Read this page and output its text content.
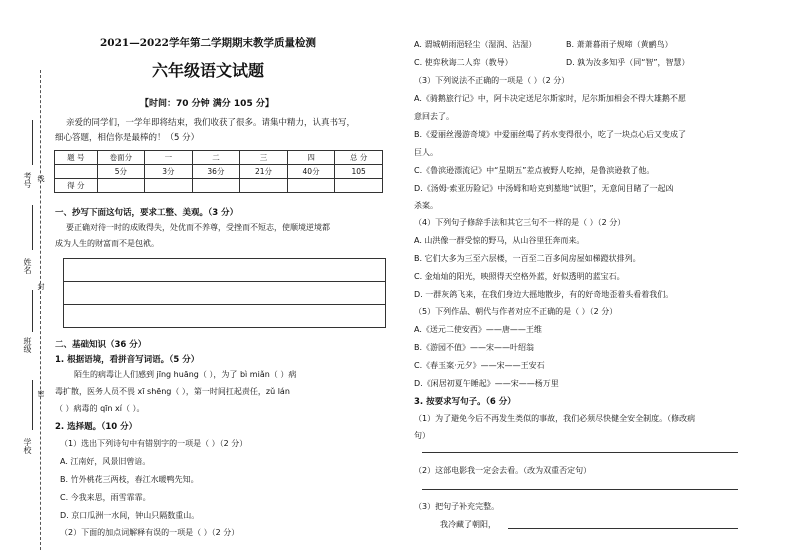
考号 线
姓名
封
班级
密
学校
2021—2022学年第二学期期末教学质量检测
六年级语文试题
【时间：70 分钟 满分 105 分】
亲爱的同学们，一学年即将结束，我们收获了很多。请集中精力，认真书写，
细心答题，相信你是最棒的！（5 分）
题 号	卷面分	一	二	三	四	总 分
	5分	3分	36分	21分	40分	105
得 分						
一、抄写下面这句话，要求工整、美观。（3 分）
要正确对待一时的成败得失，处优而不养尊，受挫而不短志，使顺境逆境都
成为人生的财富而不是包袱。
二、基础知识（36 分）
1. 根据语境，看拼音写词语。（5 分）
陌生的病毒让人们感到 jīng huāng（ ），为了 bì miǎn（ ）病
毒扩散，医务人员不畏 xī shēng（ ），第一时间扛起责任，zǔ lán
（ ）病毒的 qīn xí（ ）。
2. 选择题。（10 分）
（1）选出下列诗句中有错别字的一项是（ ）（2 分）
A. 江南好，风景旧曾谙。
B. 竹外桃花三两枝，春江水暖鸭先知。
C. 今我来思，雨雪霏霏。
D. 京口瓜洲一水间，钟山只隔数重山。
（2）下面的加点词解释有误的一项是（ ）（2 分）
A. 谓城朝雨浥轻尘（湿润、沾湿）	B. 萧萧暮雨子规啼（黄鹂鸟）
C. 使弈秋诲二人弈（教导）	D. 孰为汝多知乎（同“智”，智慧）
（3）下列说法不正确的一项是（ ）（2 分）
A.《骑鹅旅行记》中，阿卡决定送尼尔斯家时，尼尔斯加相会不得大雄鹅不愿
意回去了。
B.《爱丽丝漫游奇境》中爱丽丝喝了药水变得很小，吃了一块点心后又变成了
巨人。
C.《鲁滨逊漂流记》中“星期五”差点被野人吃掉，是鲁滨逊救了他。
D.《汤姆·索亚历险记》中汤姆和哈克到墓地“试胆”，无意间目睹了一起凶
杀案。
（4）下列句子修辞手法和其它三句不一样的是（ ）（2 分）
A. 山洪像一群受惊的野马，从山谷里狂奔而来。
B. 它们大多为三至六层楼，一百至二百多间房屋如梯蹬状排列。
C. 金灿灿的阳光，映照得天空格外蓝，好似透明的蓝宝石。
D. 一群灰鸽飞来，在我们身边大摇地散步，有的好奇地歪着头看着我们。
（5）下列作品、朝代与作者对应不正确的是（ ）（2 分）
A.《送元二使安西》——唐——王维
B.《游园不值》——宋——叶绍翁
C.《春玉案·元夕》——宋——王安石
D.《闲居初夏午睡起》——宋——杨万里
3. 按要求写句子。（6 分）
（1）为了避免今后不再发生类似的事故，我们必须尽快健全安全制度。（修改病
句）
（2）这部电影我一定会去看。（改为双重否定句）
（3）把句子补充完整。
我冷藏了朝阳，
